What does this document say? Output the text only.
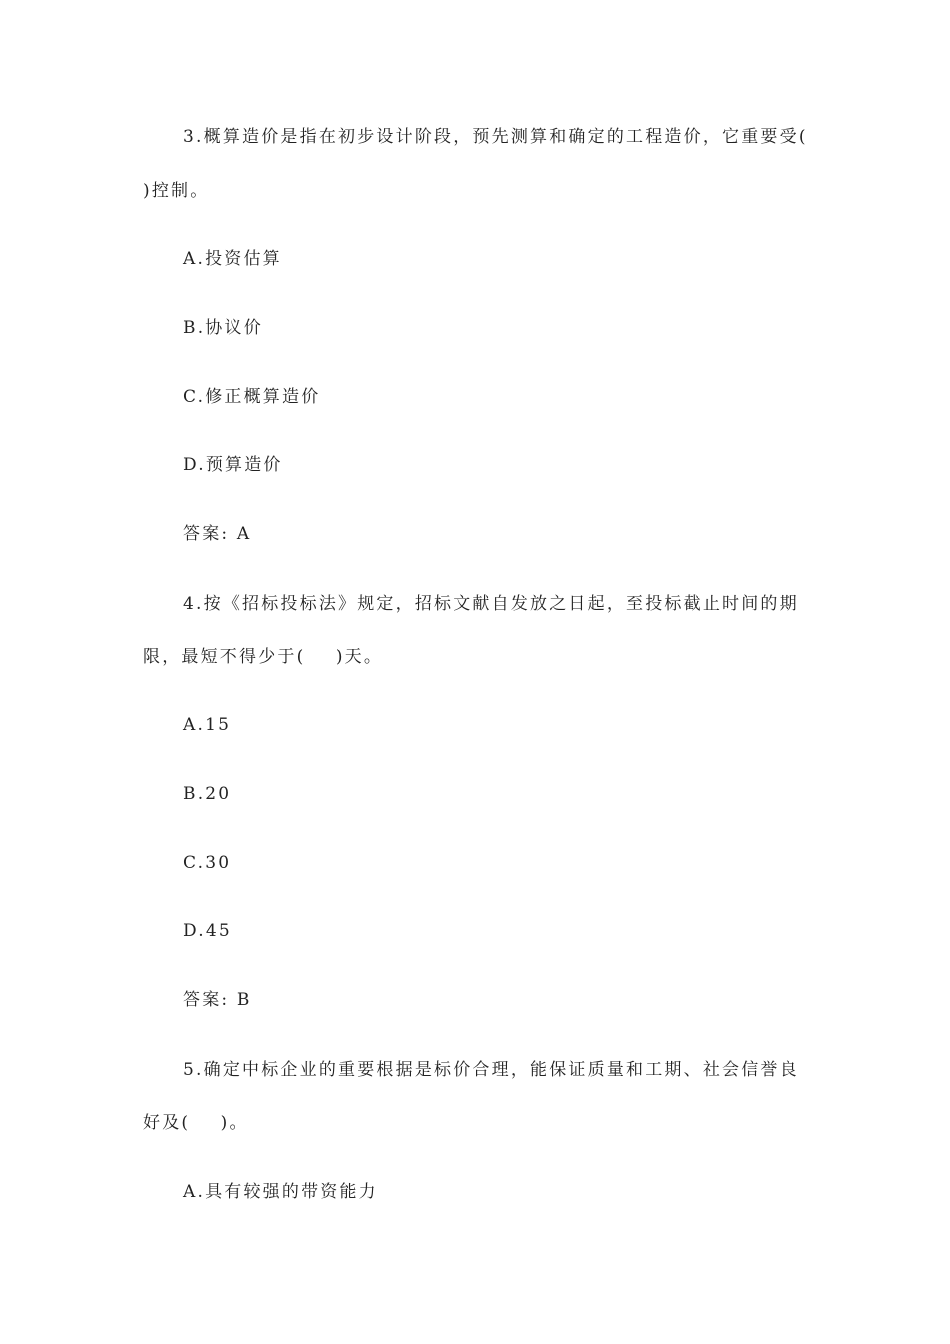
3.概算造价是指在初步设计阶段，预先测算和确定的工程造价，它重要受(
)控制。
A.投资估算
B.协议价
C.修正概算造价
D.预算造价
答案: A
4.按《招标投标法》规定，招标文献自发放之日起，至投标截止时间的期
限，最短不得少于(    )天。
A.15
B.20
C.30
D.45
答案: B
5.确定中标企业的重要根据是标价合理，能保证质量和工期、社会信誉良
好及(    )。
A.具有较强的带资能力
